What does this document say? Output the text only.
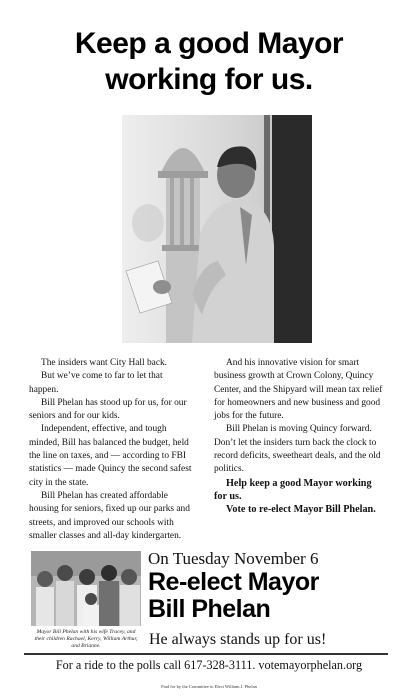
Keep a good Mayor
working for us.

The insiders want City Hall back.

But we’ve come to far to let that happen.

Bill Phelan has stood up for us, for our seniors and for our kids.

Independent, effective, and tough minded, Bill has balanced the budget, held the line on taxes, and — according to FBI statistics — made Quincy the second safest city in the state.

Bill Phelan has created affordable housing for seniors, fixed up our parks and streets, and improved our schools with smaller classes and all-day kindergarten.

And his innovative vision for smart business growth at Crown Colony, Quincy Center, and the Shipyard will mean tax relief for homeowners and new business and good jobs for the future.

Bill Phelan is moving Quincy forward. Don’t let the insiders turn back the clock to record deficits, sweetheart deals, and the old politics.

Help keep a good Mayor working for us.

Vote to re-elect Mayor Bill Phelan.

Mayor Bill Phelan with his wife Tracey, and their children Rachael, Kerry, William Arthur, and Brianne.
On Tuesday November 6
Re-elect Mayor
Bill Phelan
He always stands up for us!
For a ride to the polls call 617-328-3111. votemayorphelan.org
Paid for by the Committee to Elect William J. Phelan
